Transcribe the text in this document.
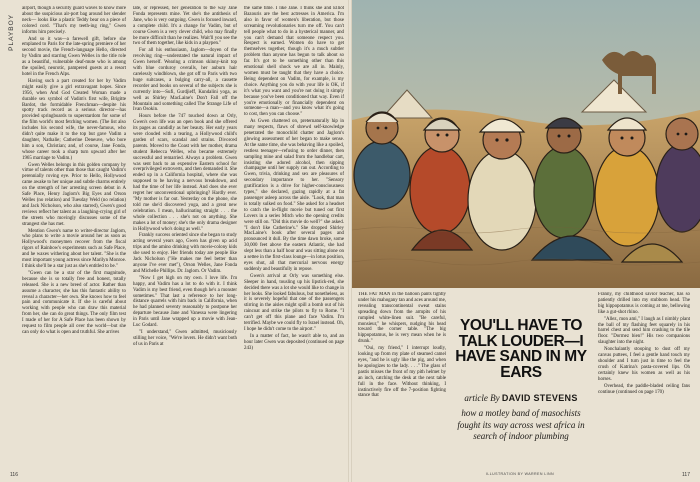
PLAYBOY

airport, though a security guard waves to know more about the suspicious air-port bag around her slender neck— looks like a plastic Teddy bear on a piece of colored cord. "That's my teeth-ing ring," Gwen informs him precisely.

And so it was—a farewell gift, before she emplaned to Paris for the late-spring premiere of her second movie, the French-language Hello, directed by Vadim and starring Gwen Welles in the title role as a beautiful, vulnerable deaf-mute who is among the spoiled, neurotic, pampered guests at a resort hotel in the French Alps.

Having such a part created for her by Vadim might easily give a girl extravagant hopes. Since 1956, when And God Created Woman made a durable sex symbol of Vadim's first wife, Brigitte Bardot, the formidable Frenchman—despite his spotty track record as a serious director—has provided springboards to superstardom for some of the film world's most fetching women. (The list also includes his second wife, the never-famous, who didn't quite make it to the top but gave Vadim a daughter, Nathalie; Catherine Deneuve, who bore him a son, Christian; and, of course, Jane Fonda, whose career took a sharp turn upward after her 1965 marriage to Vadim.)

Gwen Welles belongs in this golden company by virtue of talents other than those that caught Vadim's perennially roving eye. Prior to Hello, Hollywood came awake to her unique and subtle charms entirely on the strength of her arresting screen debut in A Safe Place, Henry Jaglom's Big Eyes and Orson Welles (no relation) and Tuesday Weld (no relation) and Jack Nicholson, who also starred), Gwen's good reviews reflect her talent as a laughing-crying girl of the streets who movingly discusses some of the strangest she has met.

Mention Gwen's name to writer-director Jaglom, who plans to write a movie around her as soon as Hollywood's moneymen recover from the fiscal rigors of Rainbow's experiments such as Safe Place, and he waxes withering about her talent. "She is the most important young actress since Marilyn Monroe. I think she'll be a star just as she's entitled to be."

"Gwen can be a star of the first magnitude, because she is so totally free and honest, totally released. She is a new breed of actor. Rather than assume a character, she has this fantastic ability to reveal a character—her own. She knows how to feel pain and communicate it. If she is careful about working with people who can draw this material from her, she can do great things. The only film test I made of her for A Safe Place has been shown by request to film people all over the world—but she can only do what is open and truthful. She arrives

late, or repressed, her generation to the way Jane Fonda represents mine. Yet she's the antithesis of Jane, who is very outgoing. Gwen is focused inward, a complete child. It's a change for Vadim, but of course Gwen is a very clever child, who may finally be more difficult than he realizes. Wait'll you see the two of them together, like kids in a playpen."

For all his enthusiasm, Jaglom—doyen of the revolving ring—understated the natural impact of Gwen herself. Wearing a crimson skinny-knit top with blue corduroy overalls, her auburn hair carelessly windblown, she got off to Paris with two huge suitcases, a bulging carry-all, a cassette recorder and books on several of the subjects she is currently into—Sufi, Gurdjieff, Kundalini yoga, as well as Shirley MacLaine's Don't Fall off the Mountain and something called The Strange Life of Ivan Osokin.

Hours before the 747 touched down at Orly, Gwen's own life was an open book and she offered its pages as candidly as her beauty. Her early years were clouded with a tearing, a Hollywood child's garden of scars, scandal and strains. Divorced parents. Moved to the Coast with her mother, drama student Rebecca Welles, who became extremely successful and remarried. Always a problem. Gwen was sent back to an expensive Eastern school for overprivileged extroverts, and then demanded it. She ended up in a California hospital, where she was supposed to be having a nervous breakdown, and had the time of her life instead. And does she ever regret her unconventional upbringing? Hardly ever. "My mother is far out. Yesterday on the phone, she told me she'd discovered yoga, and a great new celebration. I mean, hallucinating straight . . . the whole collection . . . she's not on anything. She makes a lot of money; she's the only drama designer in Hollywood who's doing as well."

Frankly success oriented since she began to study acting several years ago, Gwen has given up acid trips and the amino drinking with movie-colony kids she used to enjoy. Her friends today are people like Jack Nicholson ("He makes me feel better than anyone I've ever met"), Orson Welles, Jane Fonda and Michelle Phillips. Dr. Jaglom. Or Vadim.

"Now I get high on my own. I love life. I'm happy, and Vadim has a lot to do with it. I think Vadim is my best friend, even though he's a monster sometimes." That last a reference to her long-distance quarrels with him back in California, when he had planned seventy reasonably to postpone her departure because Jane and Vanessa were lingering in Paris until Jane wrapped up a movie with Jean-Luc Godard.

"I understand," Gwen admitted, musiciously stilling her voice, "We're lovers. He didn't want both of us in Paris at

the same time. I like Jane. I think she and Elliot Bazouris are the best actresses in America. I'm also in favor of women's liberation, but those screaming revolutionaries turn me off. You can't tell people what to do in a hysterical manner, and you can't demand that someone respect you. Respect is earned. Women do have to get themselves together, though it's a much subtler problem than anyone has begun to talk about so far. It's got to be something other than this emotional shell shock we are all in. Mainly, women must be taught that they have a choice. Being dependent on Vadim, for example, is my choice. Anything you do with your life is OK, if it's what you want and you're not doing it simply because you've been conditioned that way. Even if you're emotionally or financially dependent on someone—a man—and you know what it's going to cost, then you can choose."

As Gwen chattered on, preternaturally hip in many respects, flaws of shrewd self-knowledge penetrated the monochild chatter and Jaglom's glowing assessment of her began to make sense. At the same time, she was behaving like a spoiled, restless teenager—refusing to order dinner, then sampling mine and salad from the handlebar cart, insisting she adored alcohol, then sipping champagne until her supply ran out. According to Gwen, trivia, drinking and sex are pleasures of secondary importance to her. "Sensory gratification is a drive for higher-consciousness types," she declared, gazing rapidly at a fat passenger asleep across the aisle. "Look, that man is totally sulked on food." She asked for a headset to catch the in-flight movie but tuned out first Lovers in a series Mitch who the opening credits were still on. "Did this movie do well?" she asked. "I don't like Catherine's." She dropped Shirley MacLaine's book after several pages and pronounced it dull. By the time dawn broke, some 30,000 feet above the eastern Atlantic, she had slept less than a half hour and was sitting alone on a settee in the first-class lounge—in lotus position, eyes shut, all that mercurial nervous energy suddenly and beautifully in repose.

Gwen's arrival at Orly was something else. Sleeper in hand, tousling up his lipstick-red, she decided there was a lot she would like to change in her looks. She looked fabulous, but nonetheless, as it is severely hopeful that one of the passengers stirring in the aisles might spill a bomb out of his raincoat and strike the pilots to fly to Rome. "I can't get off this plane and face Vadim. I'm terrified. Maybe we could fly to Israel instead. Oh, I hope he didn't come to the airport."

In a matter of fact, he wasn't able to, and an hour later Gwen was deposited (continued on page 243)

116

THE FAT MAN in the balloon pants tightly under his mahogany tan and aces around me, revealing transcontinental sweat stains spreading down from the armpits of his rumpled white-linen suit. "Be careful, monsieur," he whispers, nudging his head toward the corner table. "The big hippopotamus, he is very mean when he is drunk."

"Oui, my friend," I interrupt loudly, looking up from my plate of steamed camel eyes, "and he is ugly like the pig, and when he apologizes to the lady. . . ." The glass of pastis misses the front of my pith helmet by an inch, catching the desk at the next table full in the face. Without thinking, I instinctively fire off the 7-position fighting stance that

YOU'LL HAVE TO TALK LOUDER—I HAVE SAND IN MY EARS
article By DAVID STEVENS
how a motley band of masochists fought its way across west africa in search of indoor plumbing
ILLUSTRATION BY WARREN LINN

Franny, my childhood savior teacher, has so patiently drilled into my stubborn head. The big hippopotamus is coming at me, bellowing like a gut-shot rhino.

"Allez, mon ami," I laugh as I nimbly plant the ball of my flashing feet squarely in his barrel chest and send him crashing to the tile floor. "Dormez bien!" His two companions slaughter into the night.

Nonchalantly stooping to dust off my canvas puttees, I feel a gentle hand touch my shoulder and I turn just in time to feel the crush of Katrina's pasta-covered lips. Oh certainly knew his women as well as his horses.

Overhead, the paddle-bladed ceiling fans continue (continued on page 170)

117
